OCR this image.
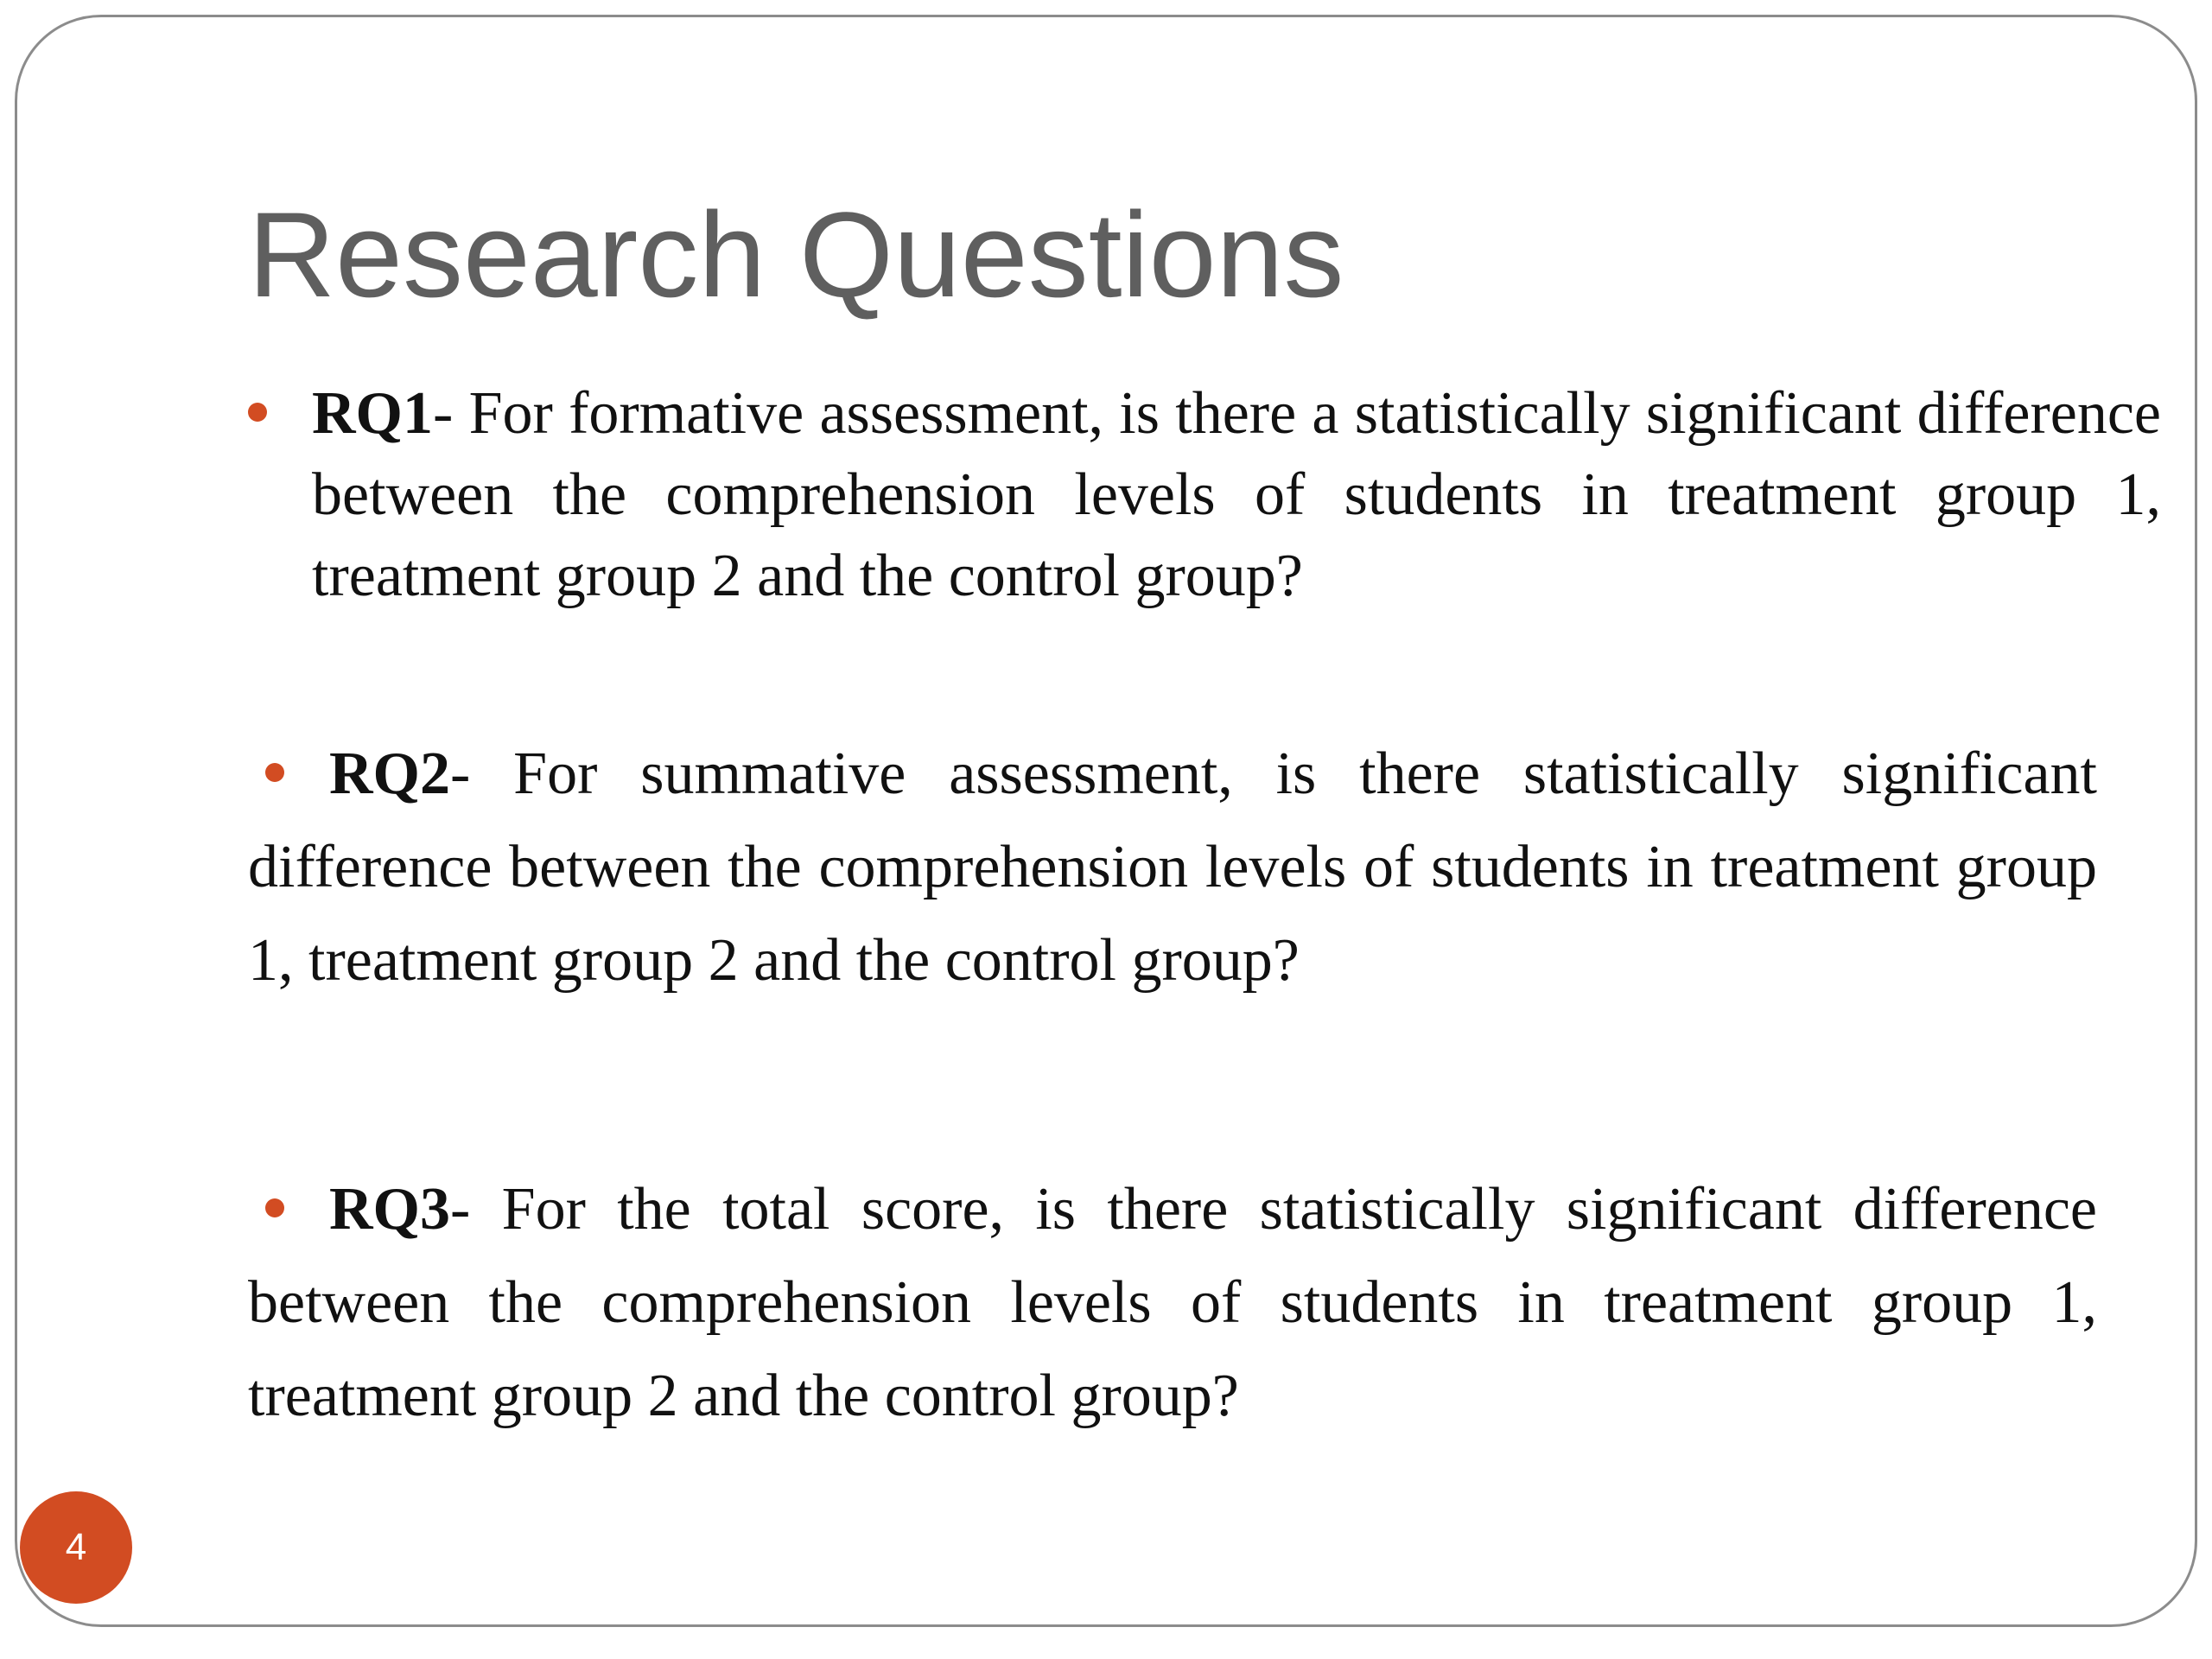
Research Questions

RQ1- For formative assessment, is there a statistically significant difference between the comprehension levels of students in treatment group 1, treatment group 2 and the control group?

RQ2- For summative assessment, is there statistically significant difference between the comprehension levels of students in treatment group 1, treatment group 2 and the control group?

RQ3- For the total score, is there statistically significant difference between the comprehension levels of students in treatment group 1, treatment group 2 and the control group?

4
